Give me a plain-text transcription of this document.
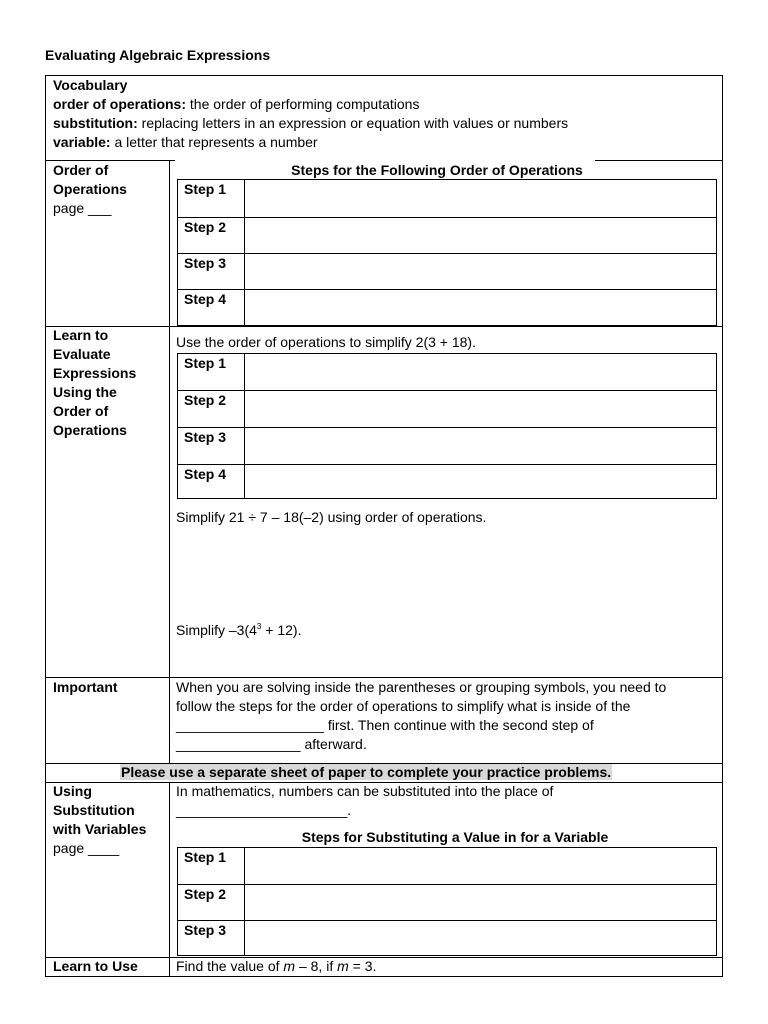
Evaluating Algebraic Expressions
Vocabulary
order of operations: the order of performing computations
substitution: replacing letters in an expression or equation with values or numbers
variable: a letter that represents a number
Order of
Operations
page ___
Steps for the Following Order of Operations
Step 1
Step 2
Step 3
Step 4
Learn to
Evaluate
Expressions
Using the
Order of
Operations
Use the order of operations to simplify 2(3 + 18).
Step 1
Step 2
Step 3
Step 4
Simplify 21 ÷ 7 – 18(–2) using order of operations.
Simplify $-3(4^3 + 12)$.
Important	When you are solving inside the parentheses or grouping symbols, you need to
follow the steps for the order of operations to simplify what is inside of the
___________________ first. Then continue with the second step of
________________ afterward.
Please use a separate sheet of paper to complete your practice problems.
Using
Substitution
with Variables
page ____
In mathematics, numbers can be substituted into the place of
______________________.
Steps for Substituting a Value in for a Variable
Step 1
Step 2
Step 3
Learn to Use	Find the value of m – 8, if m = 3.
